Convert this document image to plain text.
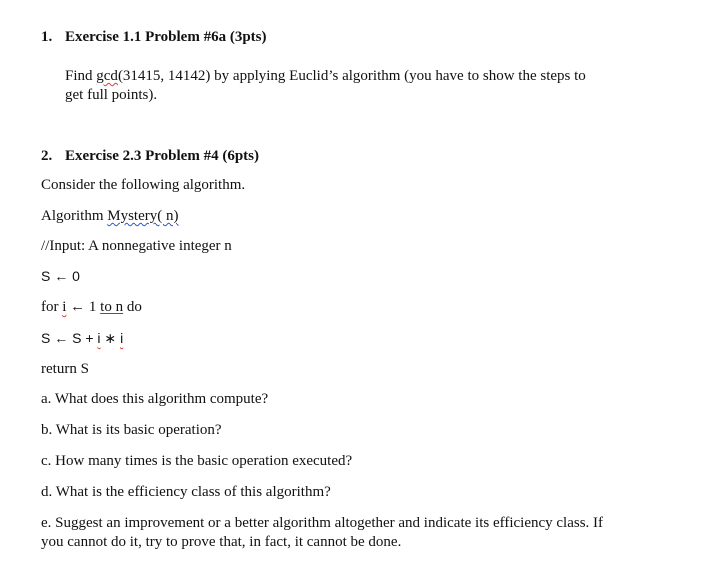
1. Exercise 1.1 Problem #6a (3pts)
Find gcd(31415, 14142) by applying Euclid’s algorithm (you have to show the steps to
get full points).
2. Exercise 2.3 Problem #4 (6pts)
Consider the following algorithm.
Algorithm Mystery( n)
//Input: A nonnegative integer n
S ← 0
for i ← 1 to n do
S ← S + i ∗ i
return S
a. What does this algorithm compute?
b. What is its basic operation?
c. How many times is the basic operation executed?
d. What is the efficiency class of this algorithm?
e. Suggest an improvement or a better algorithm altogether and indicate its efficiency class. If
you cannot do it, try to prove that, in fact, it cannot be done.
